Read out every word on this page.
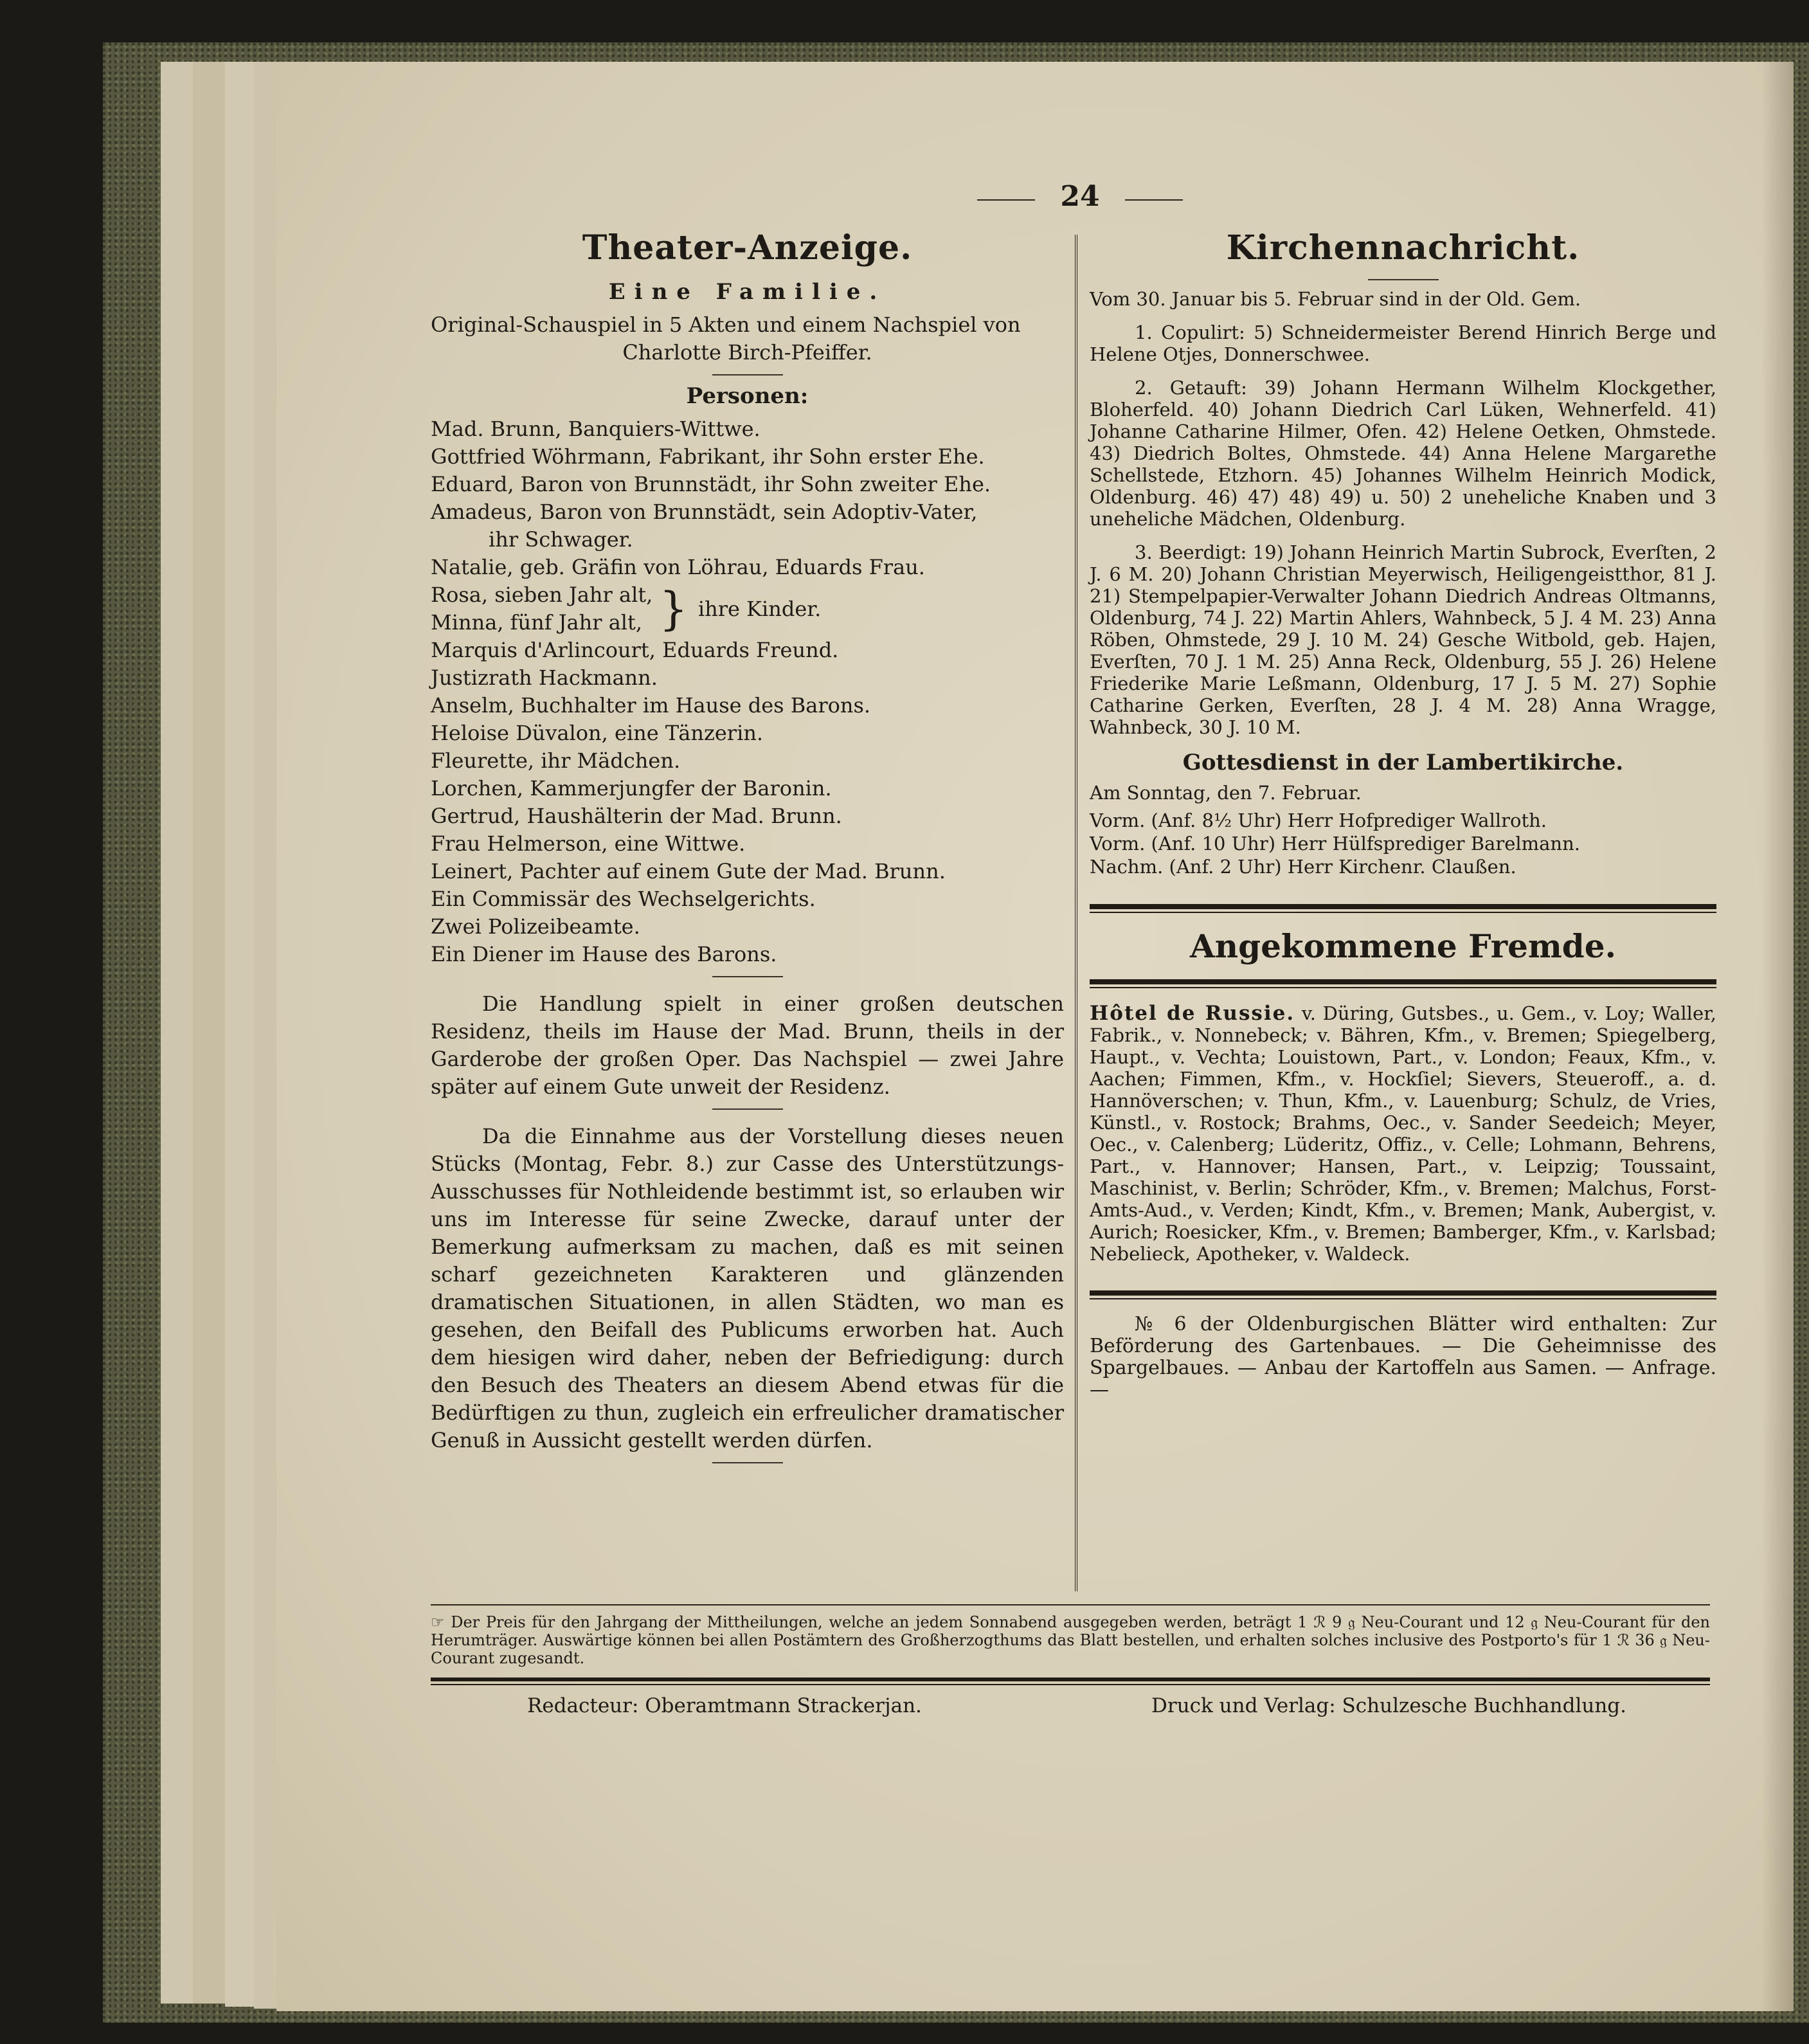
24
Theater-Anzeige.
Eine Familie.
Original-Schauspiel in 5 Akten und einem Nachspiel von
Charlotte Birch-Pfeiffer.
Personen:
Mad. Brunn, Banquiers-Wittwe.
Gottfried Wöhrmann, Fabrikant, ihr Sohn erster Ehe.
Eduard, Baron von Brunnstädt, ihr Sohn zweiter Ehe.
Amadeus, Baron von Brunnstädt, sein Adoptiv-Vater,
ihr Schwager.
Natalie, geb. Gräfin von Löhrau, Eduards Frau.
Rosa, sieben Jahr alt,
Minna, fünf Jahr alt, } ihre Kinder.
Marquis d'Arlincourt, Eduards Freund.
Justizrath Hackmann.
Anselm, Buchhalter im Hause des Barons.
Heloise Düvalon, eine Tänzerin.
Fleurette, ihr Mädchen.
Lorchen, Kammerjungfer der Baronin.
Gertrud, Haushälterin der Mad. Brunn.
Frau Helmerson, eine Wittwe.
Leinert, Pachter auf einem Gute der Mad. Brunn.
Ein Commissär des Wechselgerichts.
Zwei Polizeibeamte.
Ein Diener im Hause des Barons.
Die Handlung spielt in einer großen deutschen Residenz, theils im Hause der Mad. Brunn, theils in der Garderobe der großen Oper. Das Nachspiel — zwei Jahre später auf einem Gute unweit der Residenz.
Da die Einnahme aus der Vorstellung dieses neuen Stücks (Montag, Febr. 8.) zur Casse des Unterstützungs-Ausschusses für Nothleidende bestimmt ist, so erlauben wir uns im Interesse für seine Zwecke, darauf unter der Bemerkung aufmerksam zu machen, daß es mit seinen scharf gezeichneten Karakteren und glänzenden dramatischen Situationen, in allen Städten, wo man es gesehen, den Beifall des Publicums erworben hat. Auch dem hiesigen wird daher, neben der Befriedigung: durch den Besuch des Theaters an diesem Abend etwas für die Bedürftigen zu thun, zugleich ein erfreulicher dramatischer Genuß in Aussicht gestellt werden dürfen.
Kirchennachricht.
Vom 30. Januar bis 5. Februar sind in der Old. Gem.
1. Copulirt: 5) Schneidermeister Berend Hinrich Berge und Helene Otjes, Donnerschwee.
2. Getauft: 39) Johann Hermann Wilhelm Klockgether, Bloherfeld. 40) Johann Diedrich Carl Lüken, Wehnerfeld. 41) Johanne Catharine Hilmer, Ofen. 42) Helene Oetken, Ohmstede. 43) Diedrich Boltes, Ohmstede. 44) Anna Helene Margarethe Schellstede, Etzhorn. 45) Johannes Wilhelm Heinrich Modick, Oldenburg. 46) 47) 48) 49) u. 50) 2 uneheliche Knaben und 3 uneheliche Mädchen, Oldenburg.
3. Beerdigt: 19) Johann Heinrich Martin Subrock, Everſten, 2 J. 6 M. 20) Johann Christian Meyerwisch, Heiligengeistthor, 81 J. 21) Stempelpapier-Verwalter Johann Diedrich Andreas Oltmanns, Oldenburg, 74 J. 22) Martin Ahlers, Wahnbeck, 5 J. 4 M. 23) Anna Röben, Ohmstede, 29 J. 10 M. 24) Gesche Witbold, geb. Hajen, Everſten, 70 J. 1 M. 25) Anna Reck, Oldenburg, 55 J. 26) Helene Friederike Marie Leßmann, Oldenburg, 17 J. 5 M. 27) Sophie Catharine Gerken, Everſten, 28 J. 4 M. 28) Anna Wragge, Wahnbeck, 30 J. 10 M.
Gottesdienst in der Lambertikirche.
Am Sonntag, den 7. Februar.
Vorm. (Anf. 8½ Uhr) Herr Hofprediger Wallroth.
Vorm. (Anf. 10 Uhr) Herr Hülfsprediger Barelmann.
Nachm. (Anf. 2 Uhr) Herr Kirchenr. Claußen.
Angekommene Fremde.
Hôtel de Russie. v. Düring, Gutsbes., u. Gem., v. Loy; Waller, Fabrik., v. Nonnebeck; v. Bähren, Kfm., v. Bremen; Spiegelberg, Haupt., v. Vechta; Louistown, Part., v. London; Feaux, Kfm., v. Aachen; Fimmen, Kfm., v. Hockſiel; Sievers, Steueroff., a. d. Hannöverschen; v. Thun, Kfm., v. Lauenburg; Schulz, de Vries, Künstl., v. Rostock; Brahms, Oec., v. Sander Seedeich; Meyer, Oec., v. Calenberg; Lüderitz, Offiz., v. Celle; Lohmann, Behrens, Part., v. Hannover; Hansen, Part., v. Leipzig; Toussaint, Maschinist, v. Berlin; Schröder, Kfm., v. Bremen; Malchus, Forst-Amts-Aud., v. Verden; Kindt, Kfm., v. Bremen; Mank, Aubergist, v. Aurich; Roesicker, Kfm., v. Bremen; Bamberger, Kfm., v. Karlsbad; Nebelieck, Apotheker, v. Waldeck.
№ 6 der Oldenburgischen Blätter wird enthalten: Zur Beförderung des Gartenbaues. — Die Geheimnisse des Spargelbaues. — Anbau der Kartoffeln aus Samen. — Anfrage. —
☞ Der Preis für den Jahrgang der Mittheilungen, welche an jedem Sonnabend ausgegeben werden, beträgt 1 ℛ 9 𝔤 Neu-Courant und 12 𝔤 Neu-Courant für den Herumträger. Auswärtige können bei allen Postämtern des Großherzogthums das Blatt bestellen, und erhalten solches inclusive des Postporto's für 1 ℛ 36 𝔤 Neu-Courant zugesandt.
Redacteur: Oberamtmann Strackerjan.	Druck und Verlag: Schulzesche Buchhandlung.
